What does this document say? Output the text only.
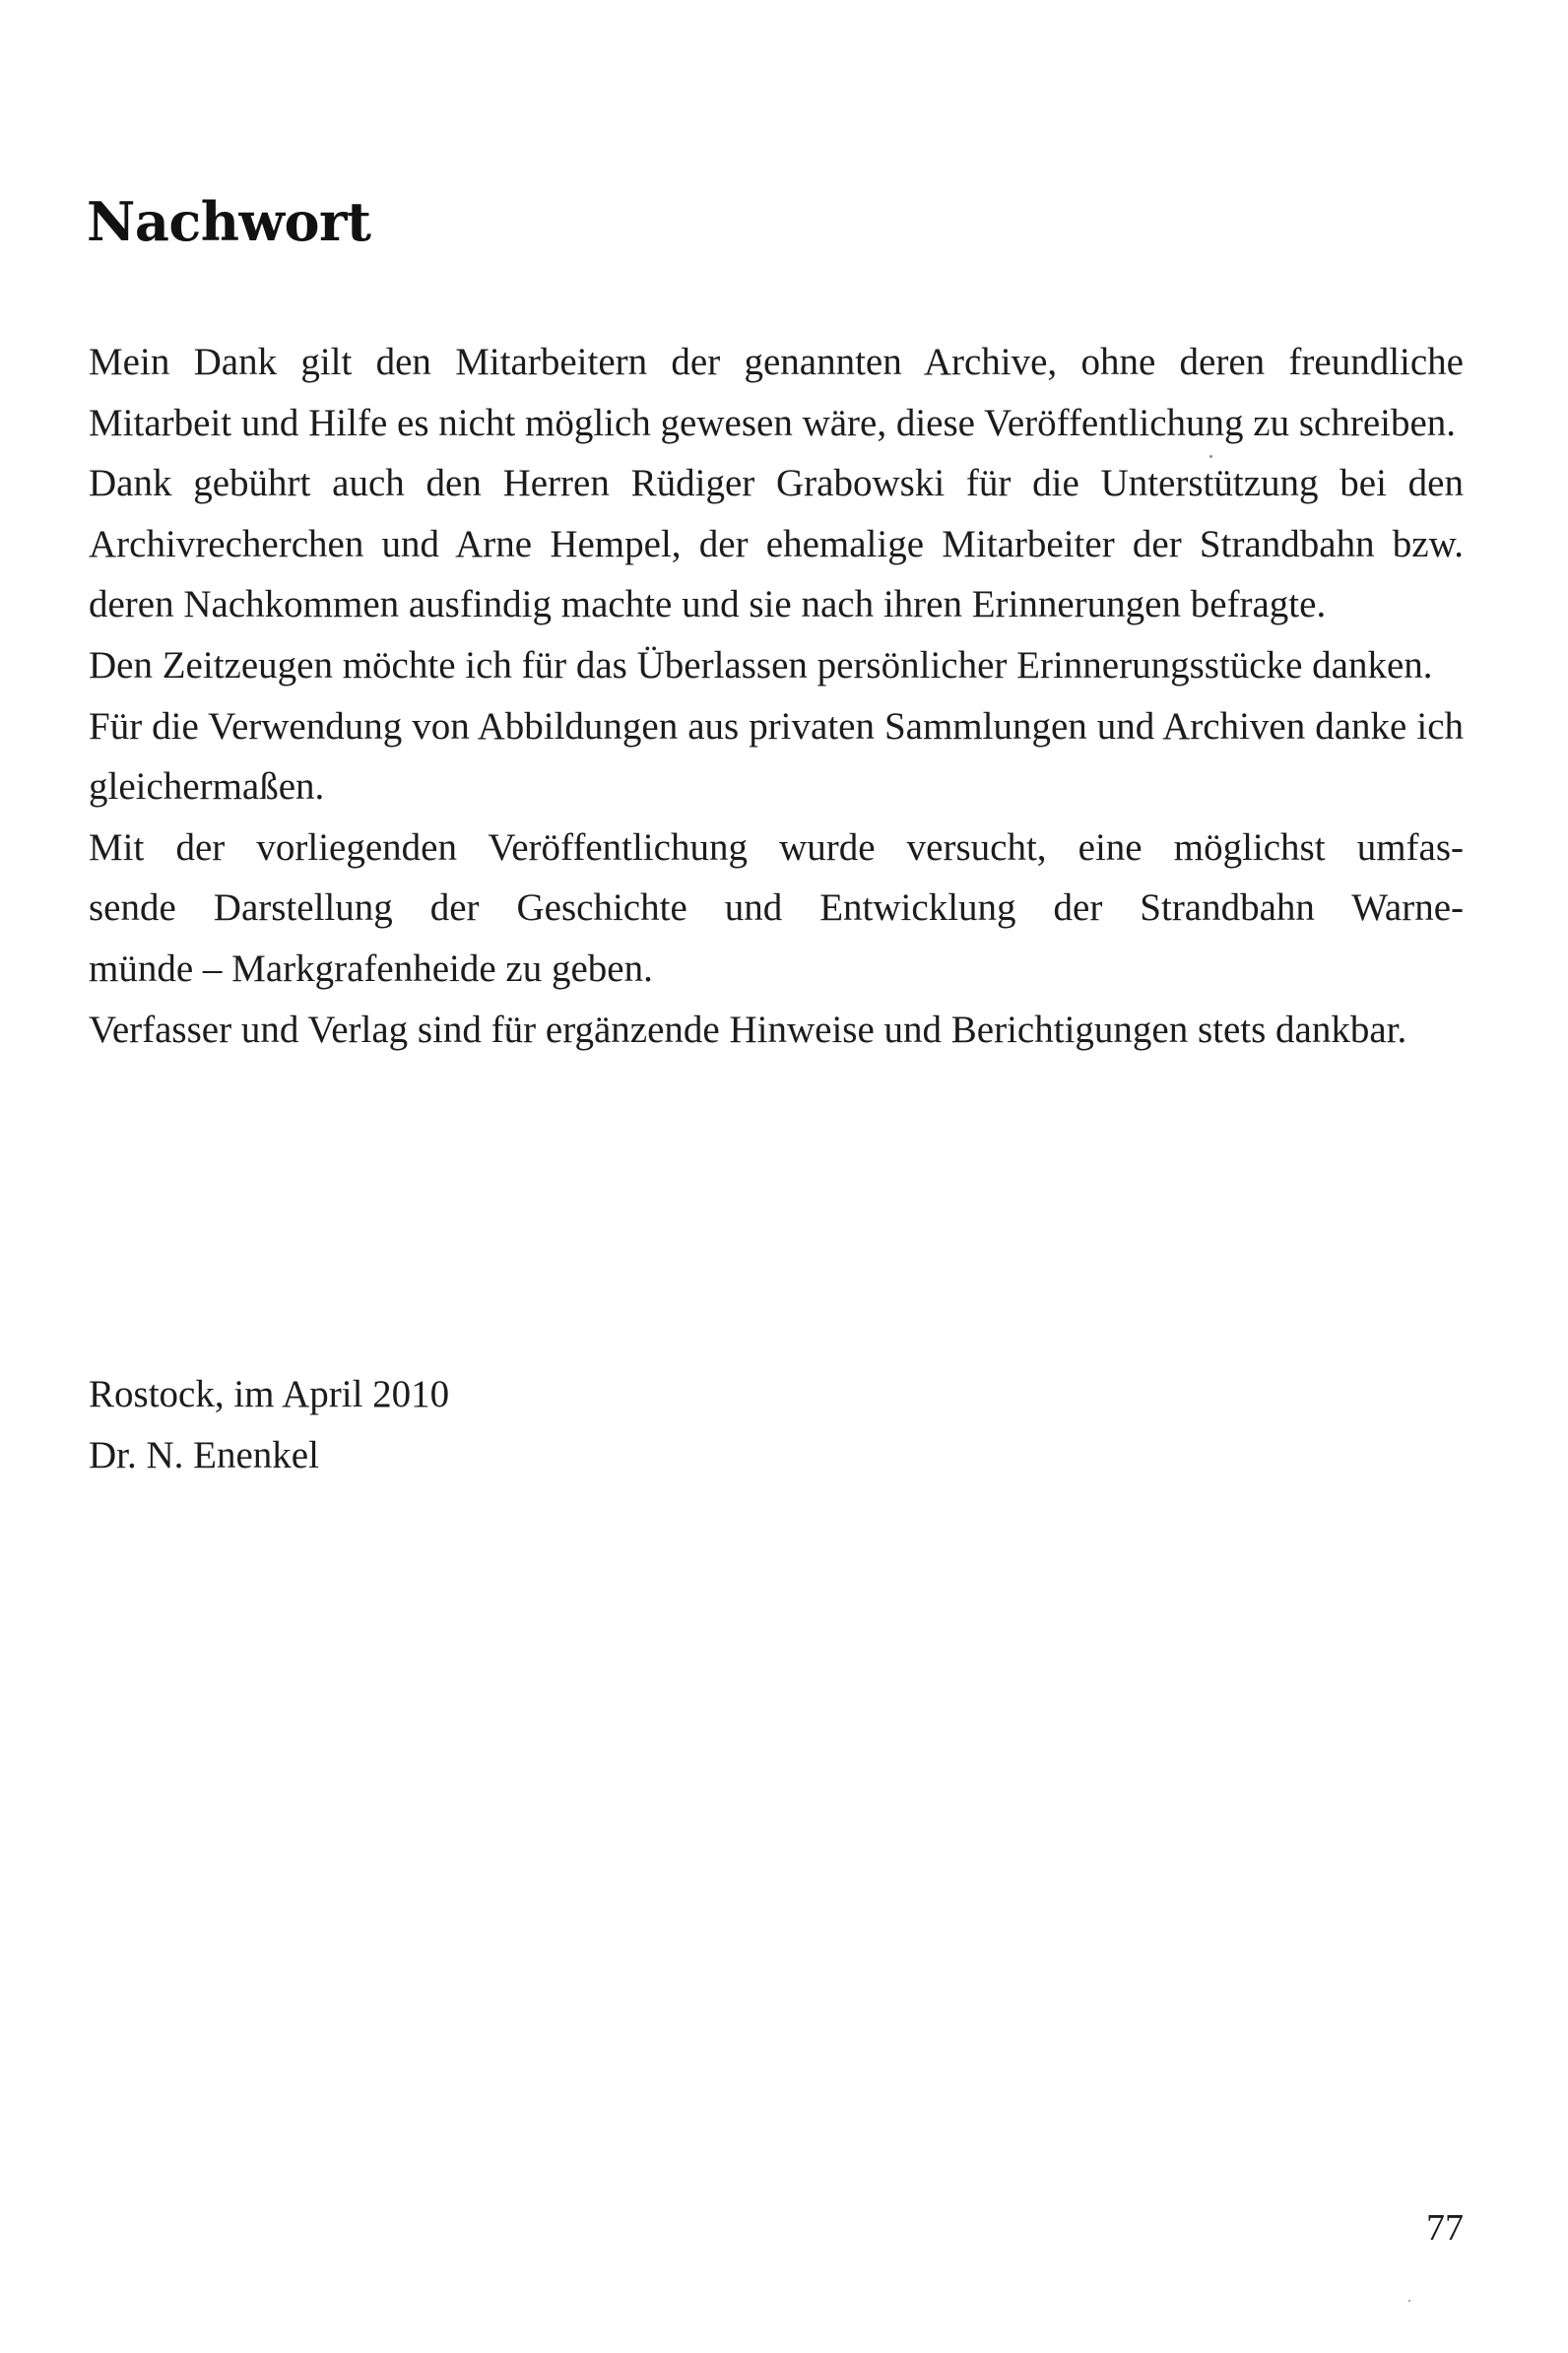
Nachwort

Mein Dank gilt den Mitarbeitern der genannten Archive, ohne deren freundliche Mitarbeit und Hilfe es nicht möglich gewesen wäre, diese Veröffentlichung zu schreiben.

Dank gebührt auch den Herren Rüdiger Grabowski für die Unterstützung bei den Archivrecherchen und Arne Hempel, der ehemalige Mitarbeiter der Strandbahn bzw. deren Nachkommen ausfindig machte und sie nach ihren Erinnerungen befragte.

Den Zeitzeugen möchte ich für das Überlassen persönlicher Erinnerungsstücke danken.

Für die Verwendung von Abbildungen aus privaten Sammlungen und Archiven danke ich gleichermaßen.

Mit der vorliegenden Veröffentlichung wurde versucht, eine möglichst umfas-
sende Darstellung der Geschichte und Entwicklung der Strandbahn Warne-
münde – Markgrafenheide zu geben.

Verfasser und Verlag sind für ergänzende Hinweise und Berichtigungen stets dankbar.

Rostock, im April 2010
Dr. N. Enenkel
77
